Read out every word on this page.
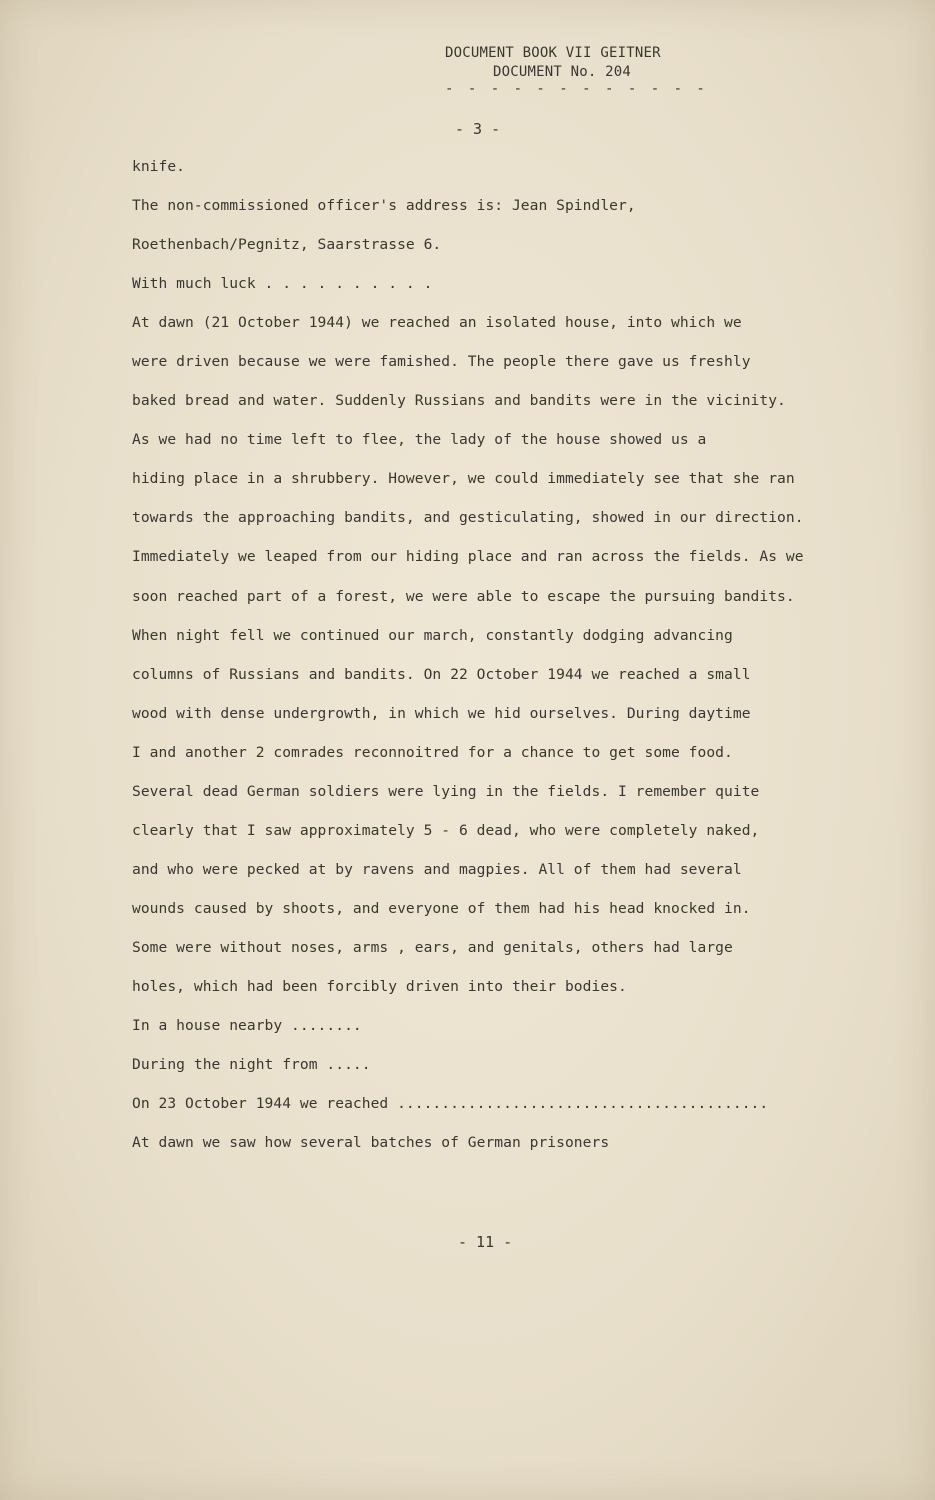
DOCUMENT BOOK VII GEITNER
DOCUMENT No. 204
- - - - - - - - - - - -
- 3 -
knife.
The non-commissioned officer's address is: Jean Spindler,
Roethenbach/Pegnitz, Saarstrasse 6.
With much luck . . . . . . . . . .
At dawn (21 October 1944) we reached an isolated house, into which we
were driven because we were famished. The people there gave us freshly
baked bread and water. Suddenly Russians and bandits were in the vicinity.
As we had no time left to flee, the lady of the house showed us a
hiding place in a shrubbery. However, we could immediately see that she ran
towards the approaching bandits, and gesticulating, showed in our direction.
Immediately we leaped from our hiding place and ran across the fields. As we
soon reached part of a forest, we were able to escape the pursuing bandits.
When night fell we continued our march, constantly dodging advancing
columns of Russians and bandits. On 22 October 1944 we reached a small
wood with dense undergrowth, in which we hid ourselves. During daytime
I and another 2 comrades reconnoitred for a chance to get some food.
Several dead German soldiers were lying in the fields. I remember quite
clearly that I saw approximately 5 - 6 dead, who were completely naked,
and who were pecked at by ravens and magpies. All of them had several
wounds caused by shoots, and everyone of them had his head knocked in.
Some were without noses, arms , ears, and genitals, others had large
holes, which had been forcibly driven into their bodies.
In a house nearby ........
During the night from .....
On 23 October 1944 we reached ..........................................
At dawn we saw how several batches of German prisoners
- 11 -
